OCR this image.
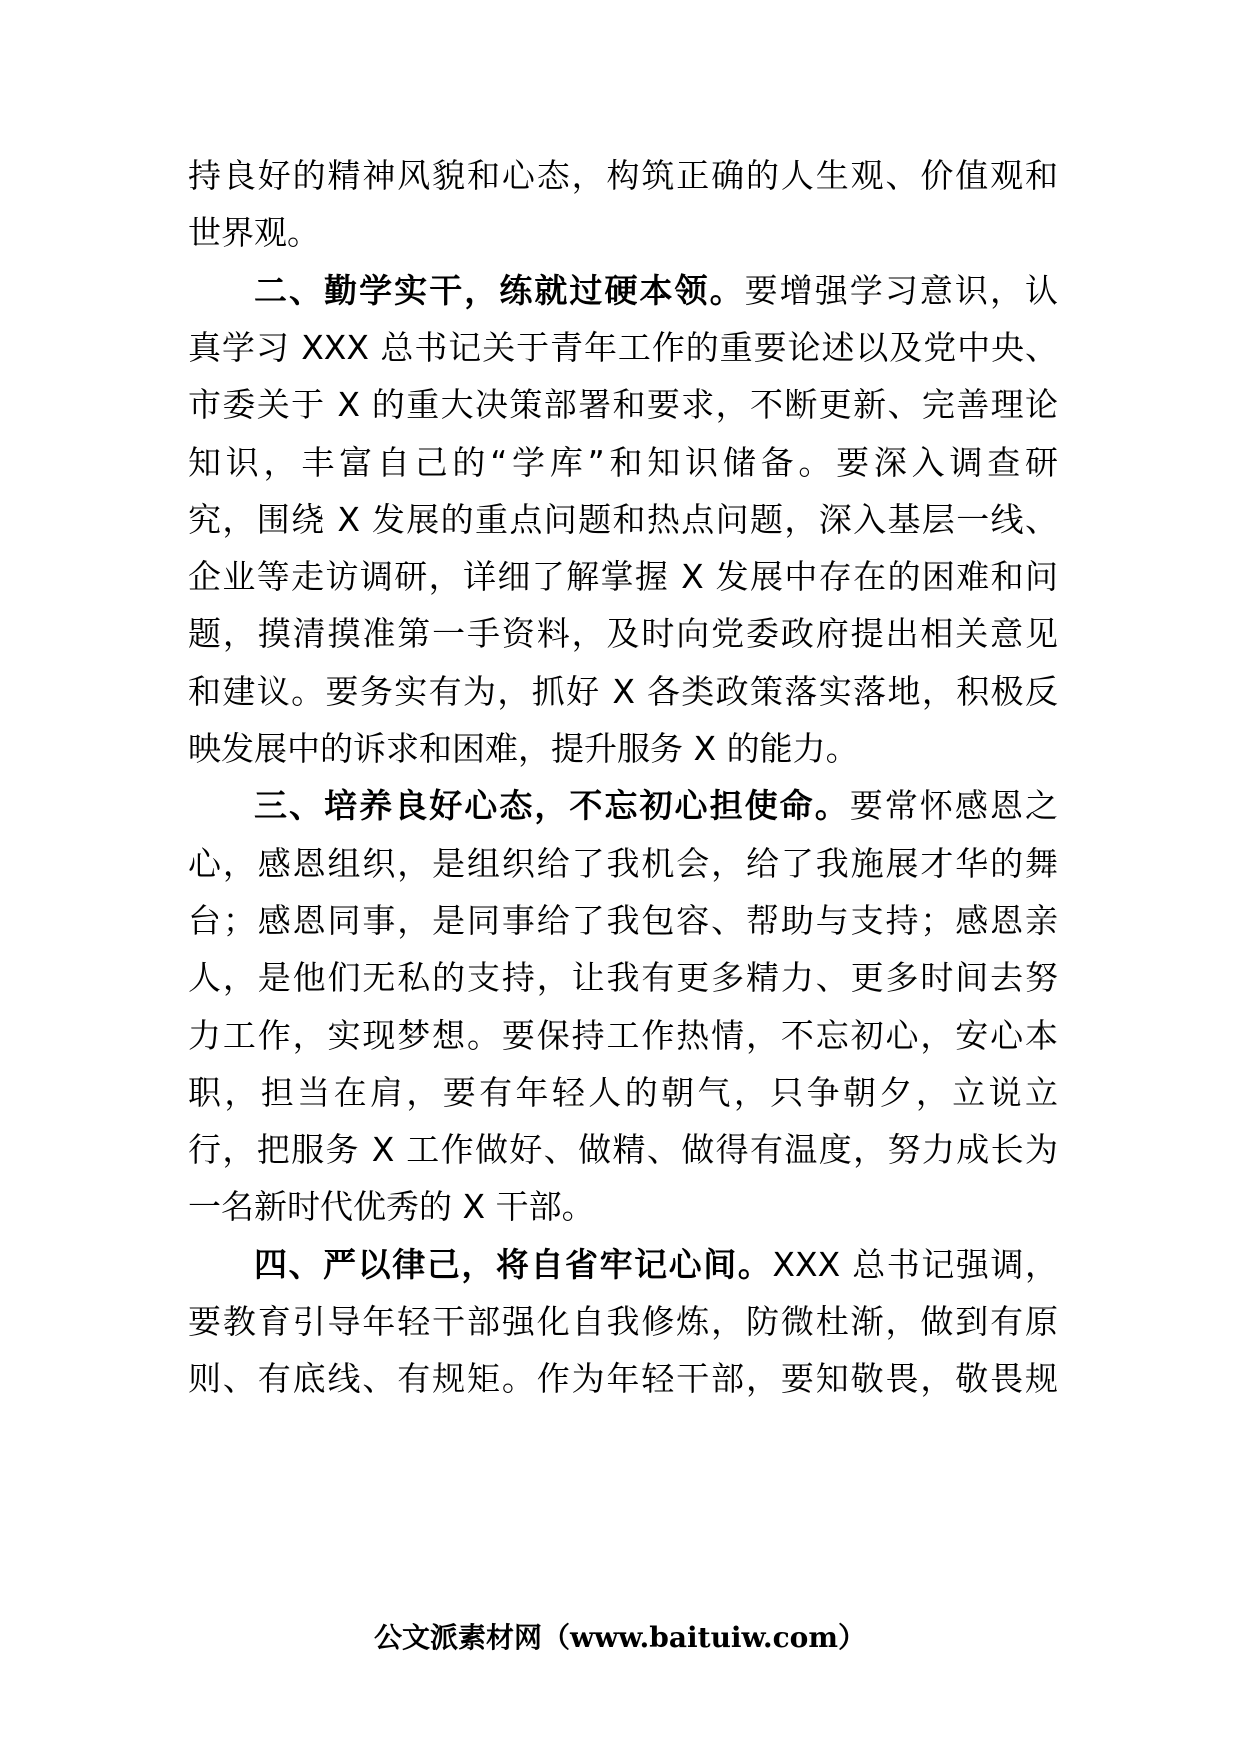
持良好的精神风貌和心态，构筑正确的人生观、价值观和
世界观。
二、勤学实干，练就过硬本领。要增强学习意识，认
真学习 XXX 总书记关于青年工作的重要论述以及党中央、
市委关于 X 的重大决策部署和要求，不断更新、完善理论
知识，丰富自己的“学库”和知识储备。要深入调查研
究，围绕 X 发展的重点问题和热点问题，深入基层一线、
企业等走访调研，详细了解掌握 X 发展中存在的困难和问
题，摸清摸准第一手资料，及时向党委政府提出相关意见
和建议。要务实有为，抓好 X 各类政策落实落地，积极反
映发展中的诉求和困难，提升服务 X 的能力。
三、培养良好心态，不忘初心担使命。要常怀感恩之
心，感恩组织，是组织给了我机会，给了我施展才华的舞
台；感恩同事，是同事给了我包容、帮助与支持；感恩亲
人，是他们无私的支持，让我有更多精力、更多时间去努
力工作，实现梦想。要保持工作热情，不忘初心，安心本
职，担当在肩，要有年轻人的朝气，只争朝夕，立说立
行，把服务 X 工作做好、做精、做得有温度，努力成长为
一名新时代优秀的 X 干部。
四、严以律己，将自省牢记心间。XXX 总书记强调，
要教育引导年轻干部强化自我修炼，防微杜渐，做到有原
则、有底线、有规矩。作为年轻干部，要知敬畏，敬畏规
公文派素材网（www.baituiw.com）
